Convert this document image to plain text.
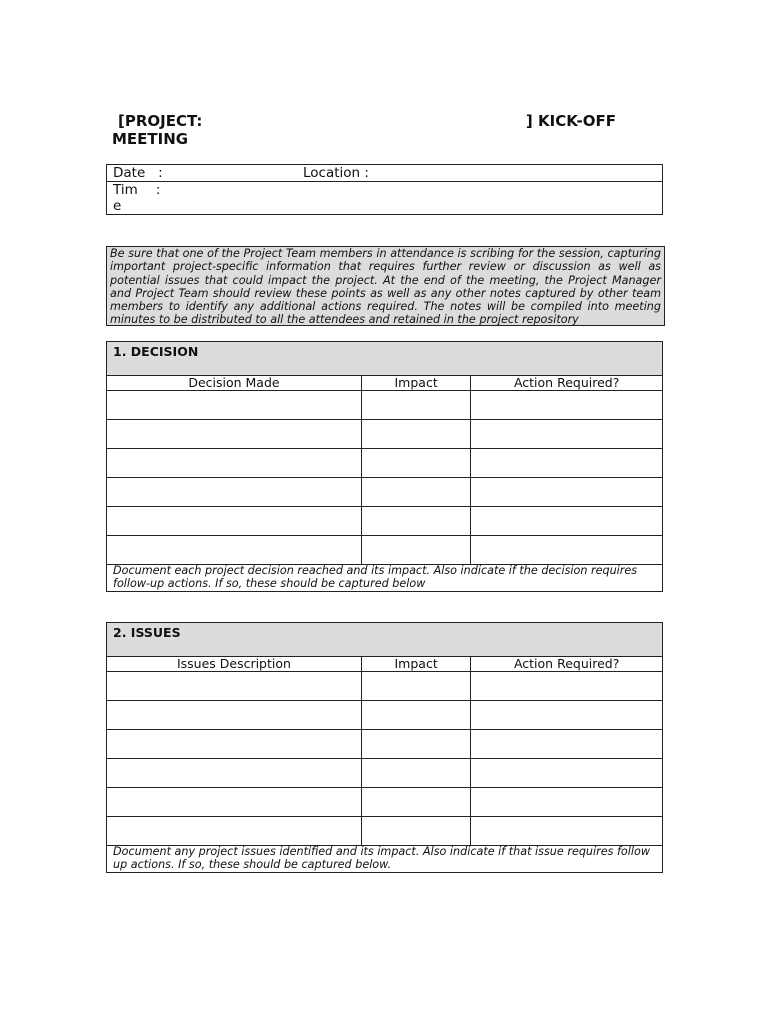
[PROJECT:	] KICK-OFF
MEETING
Date :	Location :
Tim e   :
Be sure that one of the Project Team members in attendance is scribing for the session, capturing important project-specific information that requires further review or discussion as well as potential issues that could impact the project. At the end of the meeting, the Project Manager and Project Team should review these points as well as any other notes captured by other team members to identify any additional actions required. The notes will be compiled into meeting minutes to be distributed to all the attendees and retained in the project repository
1. DECISION		
Decision Made	Impact	Action Required?

Document each project decision reached and its impact. Also indicate if the decision requires follow-up actions. If so, these should be captured below		
2. ISSUES		
Issues Description	Impact	Action Required?

Document any project issues identified and its impact. Also indicate if that issue requires follow up actions. If so, these should be captured below.		
